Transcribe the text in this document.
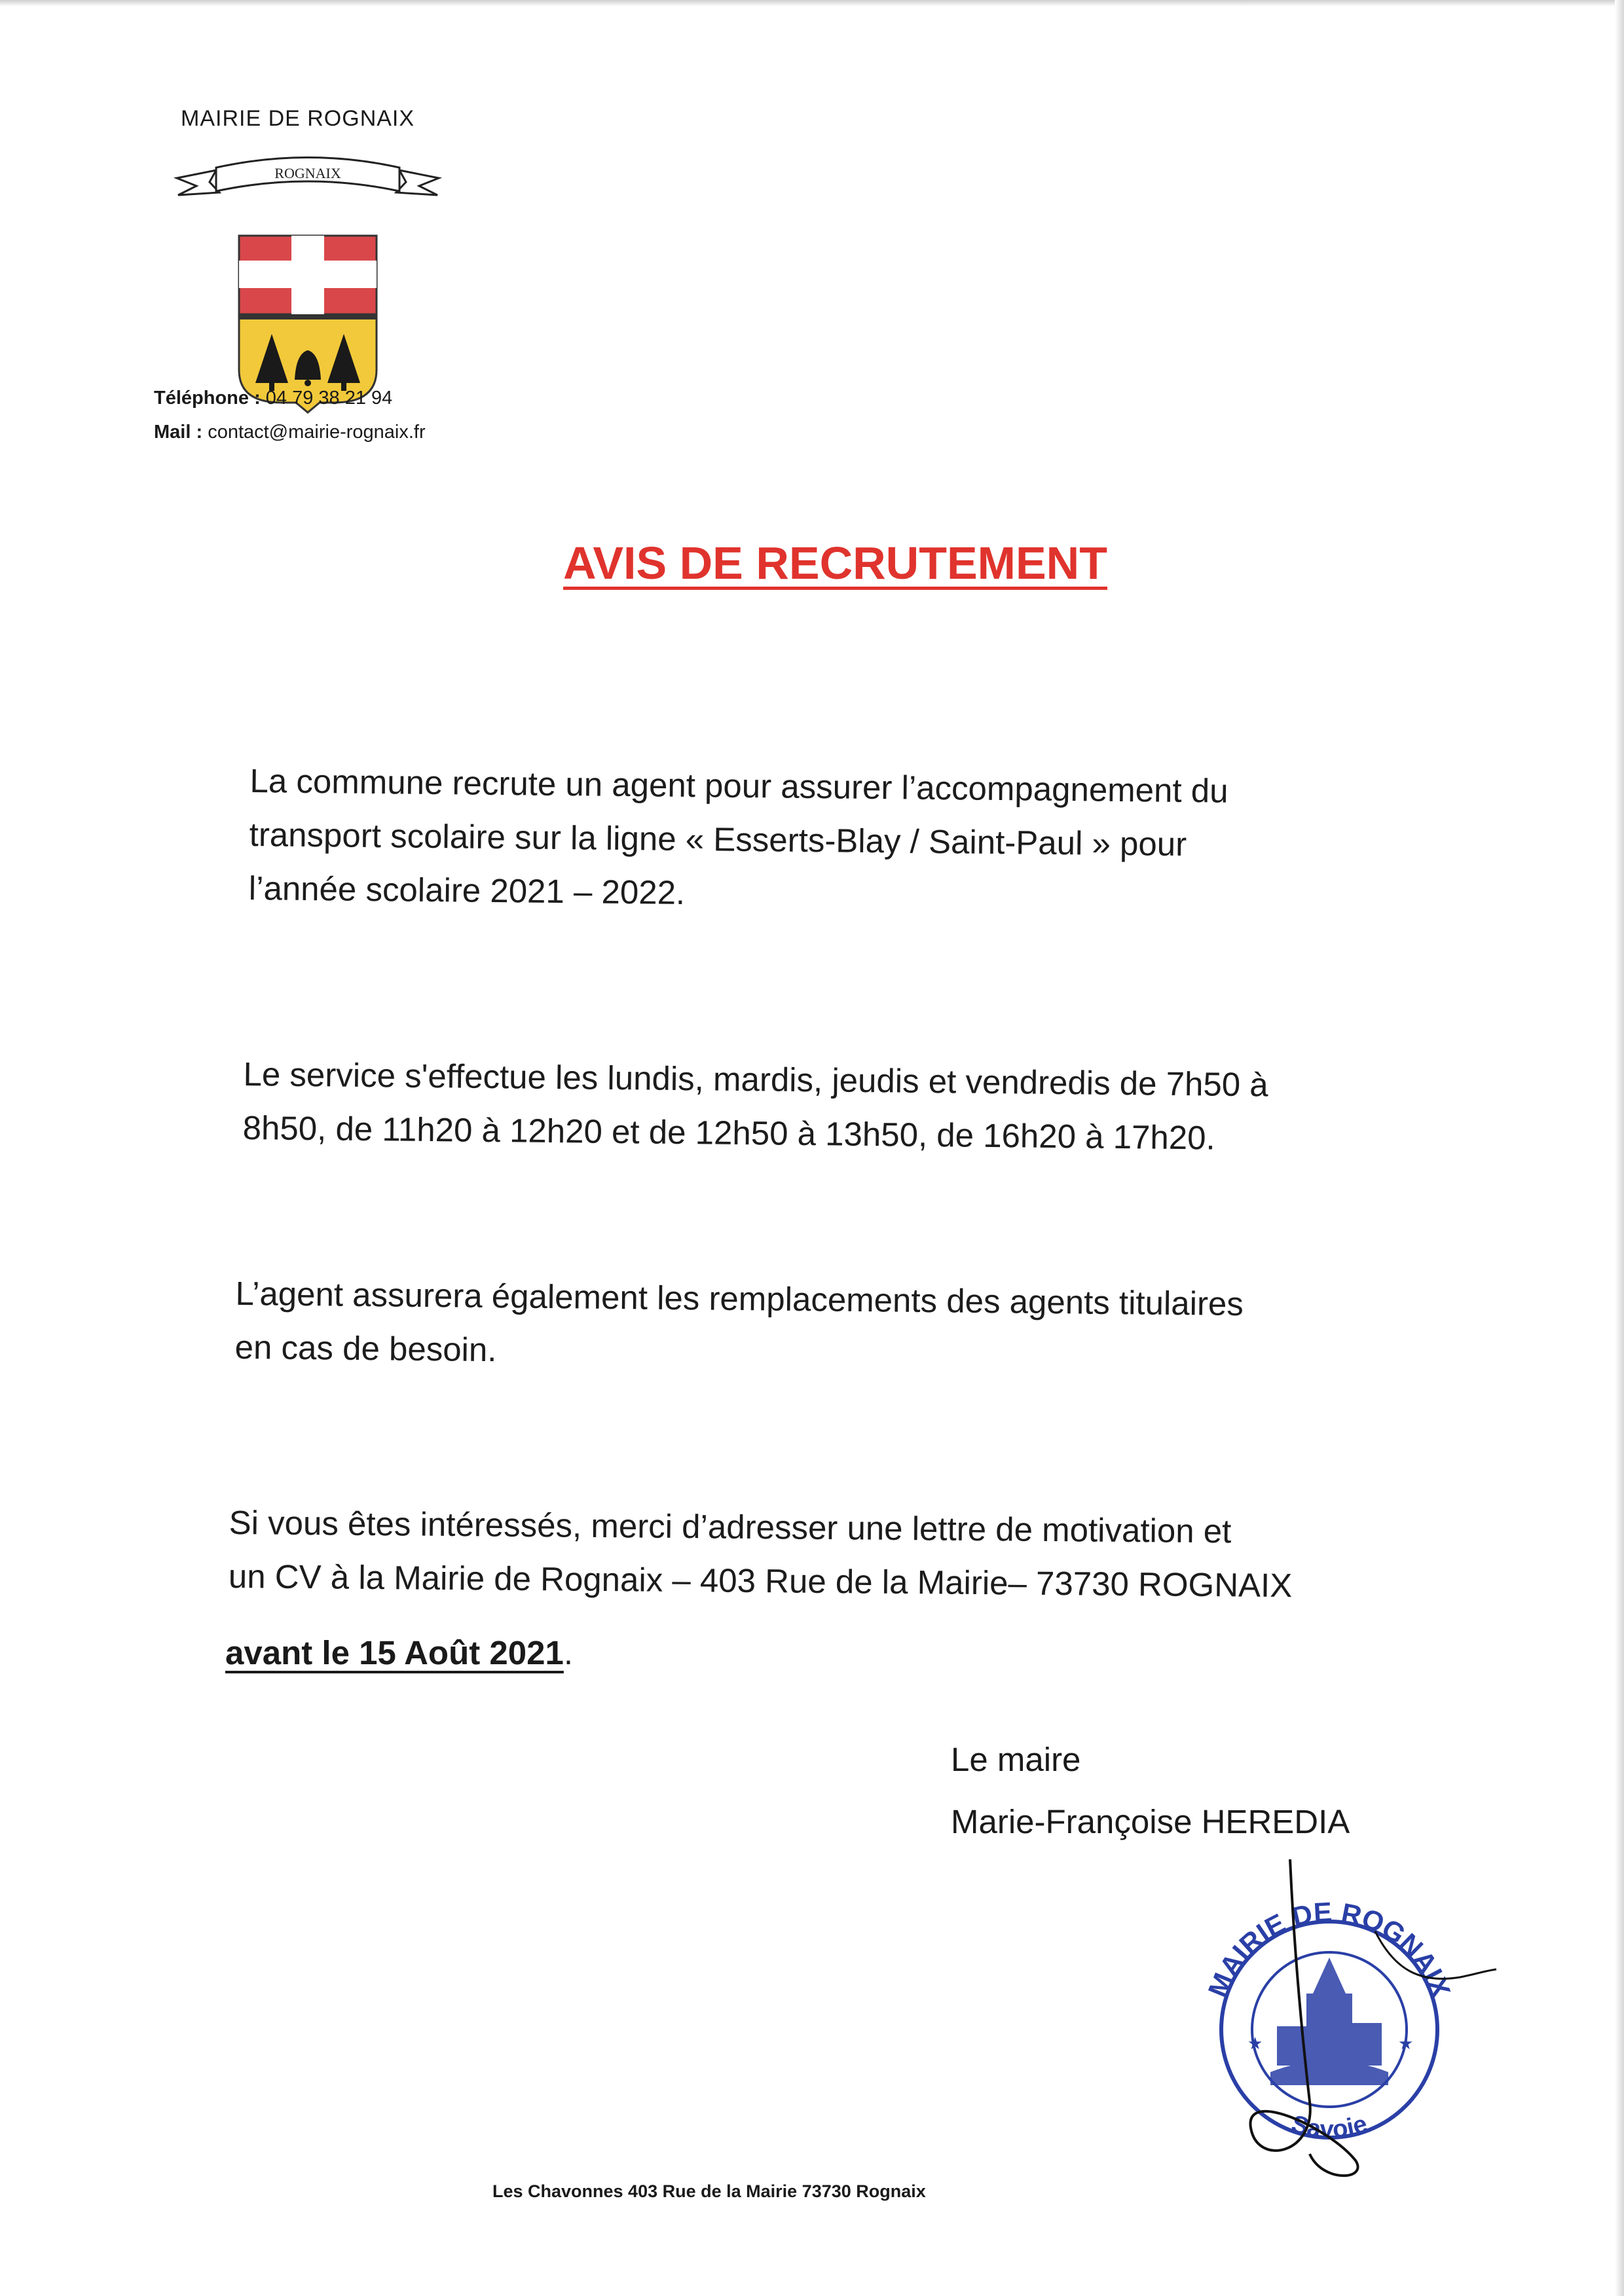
MAIRIE DE ROGNAIX
ROGNAIX
Téléphone : 04 79 38 21 94
Mail : contact@mairie-rognaix.fr
AVIS DE RECRUTEMENT
La commune recrute un agent pour assurer l’accompagnement du
transport scolaire sur la ligne « Esserts-Blay / Saint-Paul » pour
l’année scolaire 2021 – 2022.
Le service s'effectue les lundis, mardis, jeudis et vendredis de 7h50 à
8h50, de 11h20 à 12h20 et de 12h50 à 13h50, de 16h20 à 17h20.
L’agent assurera également les remplacements des agents titulaires
en cas de besoin.
Si vous êtes intéressés, merci d’adresser une lettre de motivation et
un CV à la Mairie de Rognaix – 403 Rue de la Mairie– 73730 ROGNAIX
avant le 15 Août 2021.
Le maire
Marie-Françoise HEREDIA
MAIRIE DE ROGNAIX
Savoie
★	★
Les Chavonnes 403 Rue de la Mairie 73730 Rognaix
